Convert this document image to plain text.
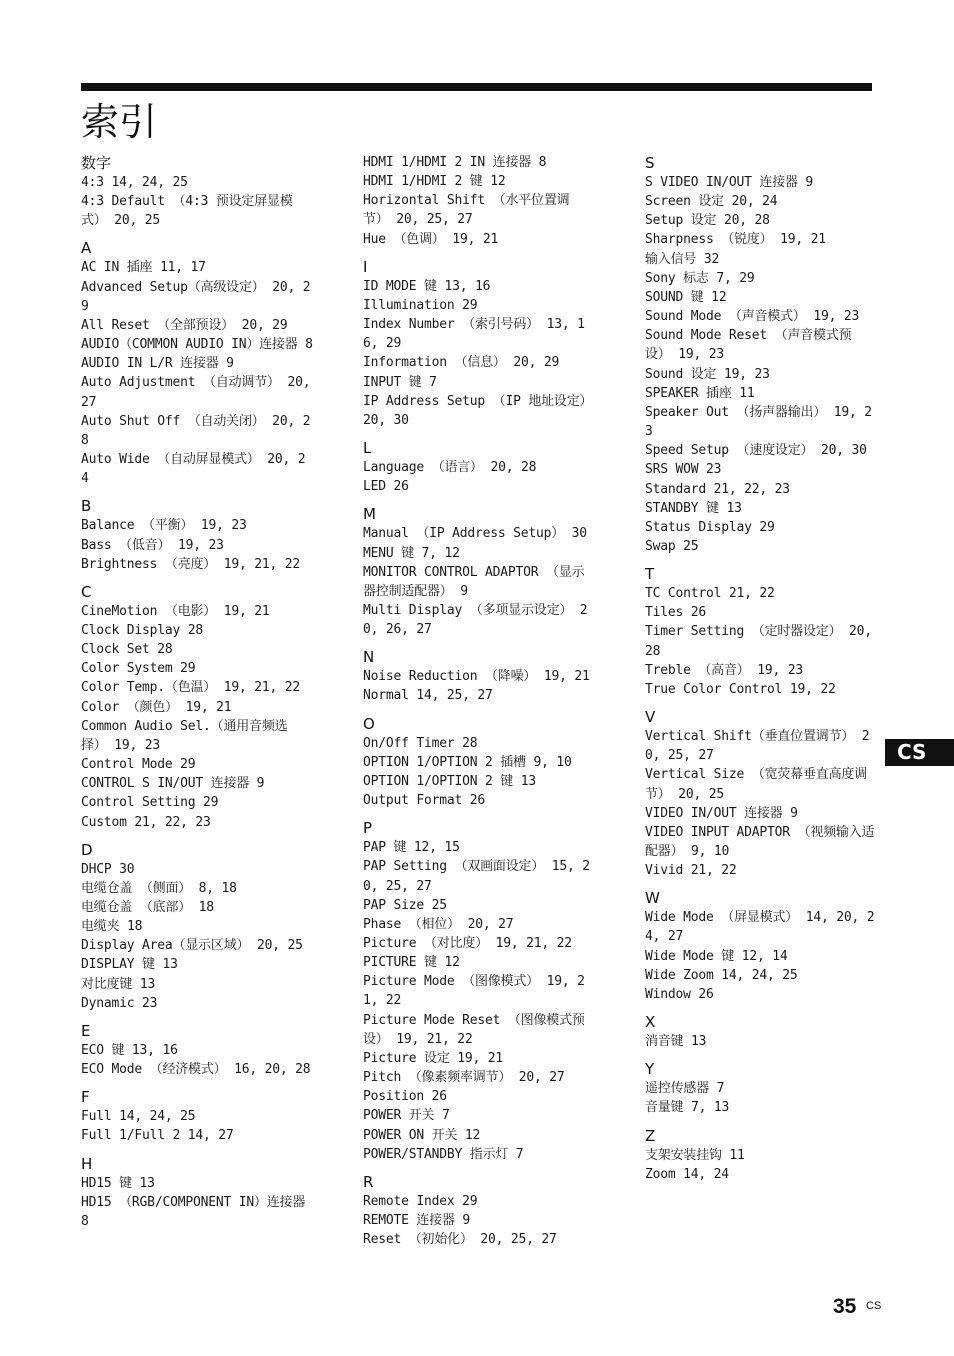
索引
数字
4:3 14, 24, 25
4:3 Default （4:3 预设定屏显模式） 20, 25
A
AC IN 插座 11, 17
Advanced Setup（高级设定） 20, 29
All Reset （全部预设） 20, 29
AUDIO（COMMON AUDIO IN）连接器 8
AUDIO IN L/R 连接器 9
Auto Adjustment （自动调节） 20, 27
Auto Shut Off （自动关闭） 20, 28
Auto Wide （自动屏显模式） 20, 24
B
Balance （平衡） 19, 23
Bass （低音） 19, 23
Brightness （亮度） 19, 21, 22
C
CineMotion （电影） 19, 21
Clock Display 28
Clock Set 28
Color System 29
Color Temp.（色温） 19, 21, 22
Color （颜色） 19, 21
Common Audio Sel.（通用音频选择） 19, 23
Control Mode 29
CONTROL S IN/OUT 连接器 9
Control Setting 29
Custom 21, 22, 23
D
DHCP 30
电缆仓盖 （侧面） 8, 18
电缆仓盖 （底部） 18
电缆夹 18
Display Area（显示区域） 20, 25
DISPLAY 键 13
对比度键 13
Dynamic 23
E
ECO 键 13, 16
ECO Mode （经济模式） 16, 20, 28
F
Full 14, 24, 25
Full 1/Full 2 14, 27
H
HD15 键 13
HD15 （RGB/COMPONENT IN）连接器 8
HDMI 1/HDMI 2 IN 连接器 8
HDMI 1/HDMI 2 键 12
Horizontal Shift （水平位置调节） 20, 25, 27
Hue （色调） 19, 21
I
ID MODE 键 13, 16
Illumination 29
Index Number （索引号码） 13, 16, 29
Information （信息） 20, 29
INPUT 键 7
IP Address Setup （IP 地址设定） 20, 30
L
Language （语言） 20, 28
LED 26
M
Manual （IP Address Setup） 30
MENU 键 7, 12
MONITOR CONTROL ADAPTOR （显示器控制适配器） 9
Multi Display （多项显示设定） 20, 26, 27
N
Noise Reduction （降噪） 19, 21
Normal 14, 25, 27
O
On/Off Timer 28
OPTION 1/OPTION 2 插槽 9, 10
OPTION 1/OPTION 2 键 13
Output Format 26
P
PAP 键 12, 15
PAP Setting （双画面设定） 15, 20, 25, 27
PAP Size 25
Phase （相位） 20, 27
Picture （对比度） 19, 21, 22
PICTURE 键 12
Picture Mode （图像模式） 19, 21, 22
Picture Mode Reset （图像模式预设） 19, 21, 22
Picture 设定 19, 21
Pitch （像素频率调节） 20, 27
Position 26
POWER 开关 7
POWER ON 开关 12
POWER/STANDBY 指示灯 7
R
Remote Index 29
REMOTE 连接器 9
Reset （初始化） 20, 25, 27
S
S VIDEO IN/OUT 连接器 9
Screen 设定 20, 24
Setup 设定 20, 28
Sharpness （锐度） 19, 21
输入信号 32
Sony 标志 7, 29
SOUND 键 12
Sound Mode （声音模式） 19, 23
Sound Mode Reset （声音模式预设） 19, 23
Sound 设定 19, 23
SPEAKER 插座 11
Speaker Out （扬声器输出） 19, 23
Speed Setup （速度设定） 20, 30
SRS WOW 23
Standard 21, 22, 23
STANDBY 键 13
Status Display 29
Swap 25
T
TC Control 21, 22
Tiles 26
Timer Setting （定时器设定） 20, 28
Treble （高音） 19, 23
True Color Control 19, 22
V
Vertical Shift（垂直位置调节） 20, 25, 27
Vertical Size （宽荧幕垂直高度调节） 20, 25
VIDEO IN/OUT 连接器 9
VIDEO INPUT ADAPTOR （视频输入适配器） 9, 10
Vivid 21, 22
W
Wide Mode （屏显模式） 14, 20, 24, 27
Wide Mode 键 12, 14
Wide Zoom 14, 24, 25
Window 26
X
消音键 13
Y
遥控传感器 7
音量键 7, 13
Z
支架安装挂钩 11
Zoom 14, 24
CS
35 CS
